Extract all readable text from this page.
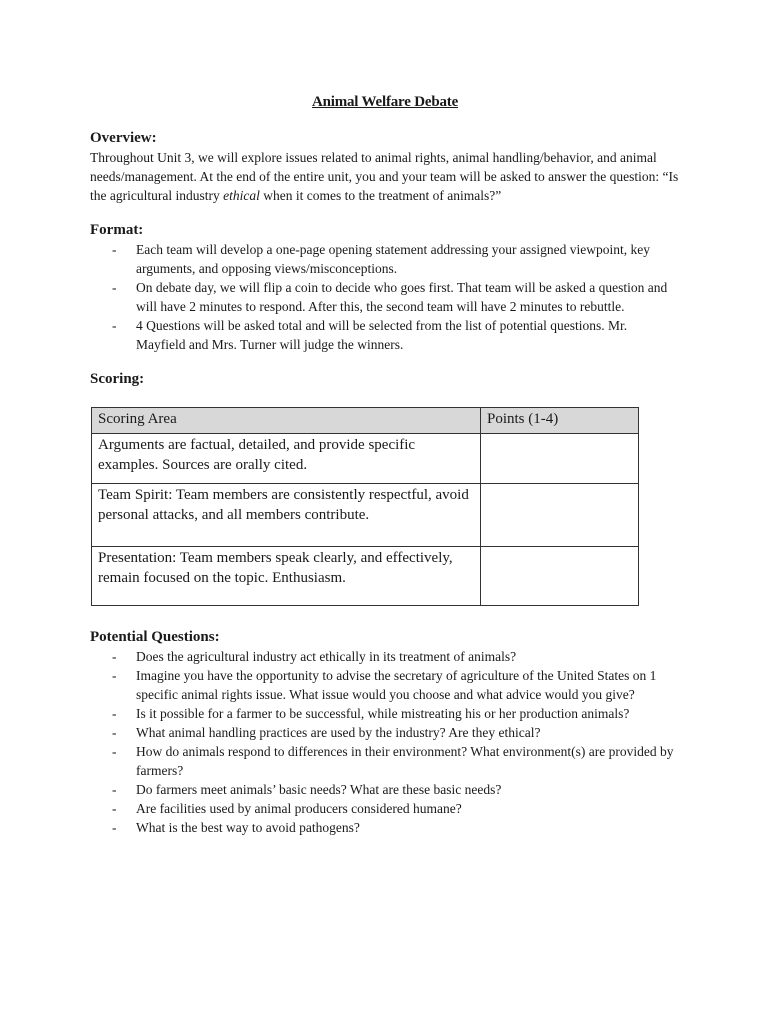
Animal Welfare Debate
Overview:

Throughout Unit 3, we will explore issues related to animal rights, animal handling/behavior, and animal needs/management. At the end of the entire unit, you and your team will be asked to answer the question: “Is the agricultural industry ethical when it comes to the treatment of animals?”

Format:
- Each team will develop a one-page opening statement addressing your assigned viewpoint, key arguments, and opposing views/misconceptions.
- On debate day, we will flip a coin to decide who goes first. That team will be asked a question and will have 2 minutes to respond. After this, the second team will have 2 minutes to rebuttle.
- 4 Questions will be asked total and will be selected from the list of potential questions. Mr. Mayfield and Mrs. Turner will judge the winners.
Scoring:
Scoring Area	Points (1-4)
Arguments are factual, detailed, and provide specific examples. Sources are orally cited.	
Team Spirit: Team members are consistently respectful, avoid personal attacks, and all members contribute.	
Presentation: Team members speak clearly, and effectively, remain focused on the topic. Enthusiasm.	
Potential Questions:
- Does the agricultural industry act ethically in its treatment of animals?
- Imagine you have the opportunity to advise the secretary of agriculture of the United States on 1 specific animal rights issue. What issue would you choose and what advice would you give?
- Is it possible for a farmer to be successful, while mistreating his or her production animals?
- What animal handling practices are used by the industry? Are they ethical?
- How do animals respond to differences in their environment? What environment(s) are provided by farmers?
- Do farmers meet animals’ basic needs? What are these basic needs?
- Are facilities used by animal producers considered humane?
- What is the best way to avoid pathogens?
